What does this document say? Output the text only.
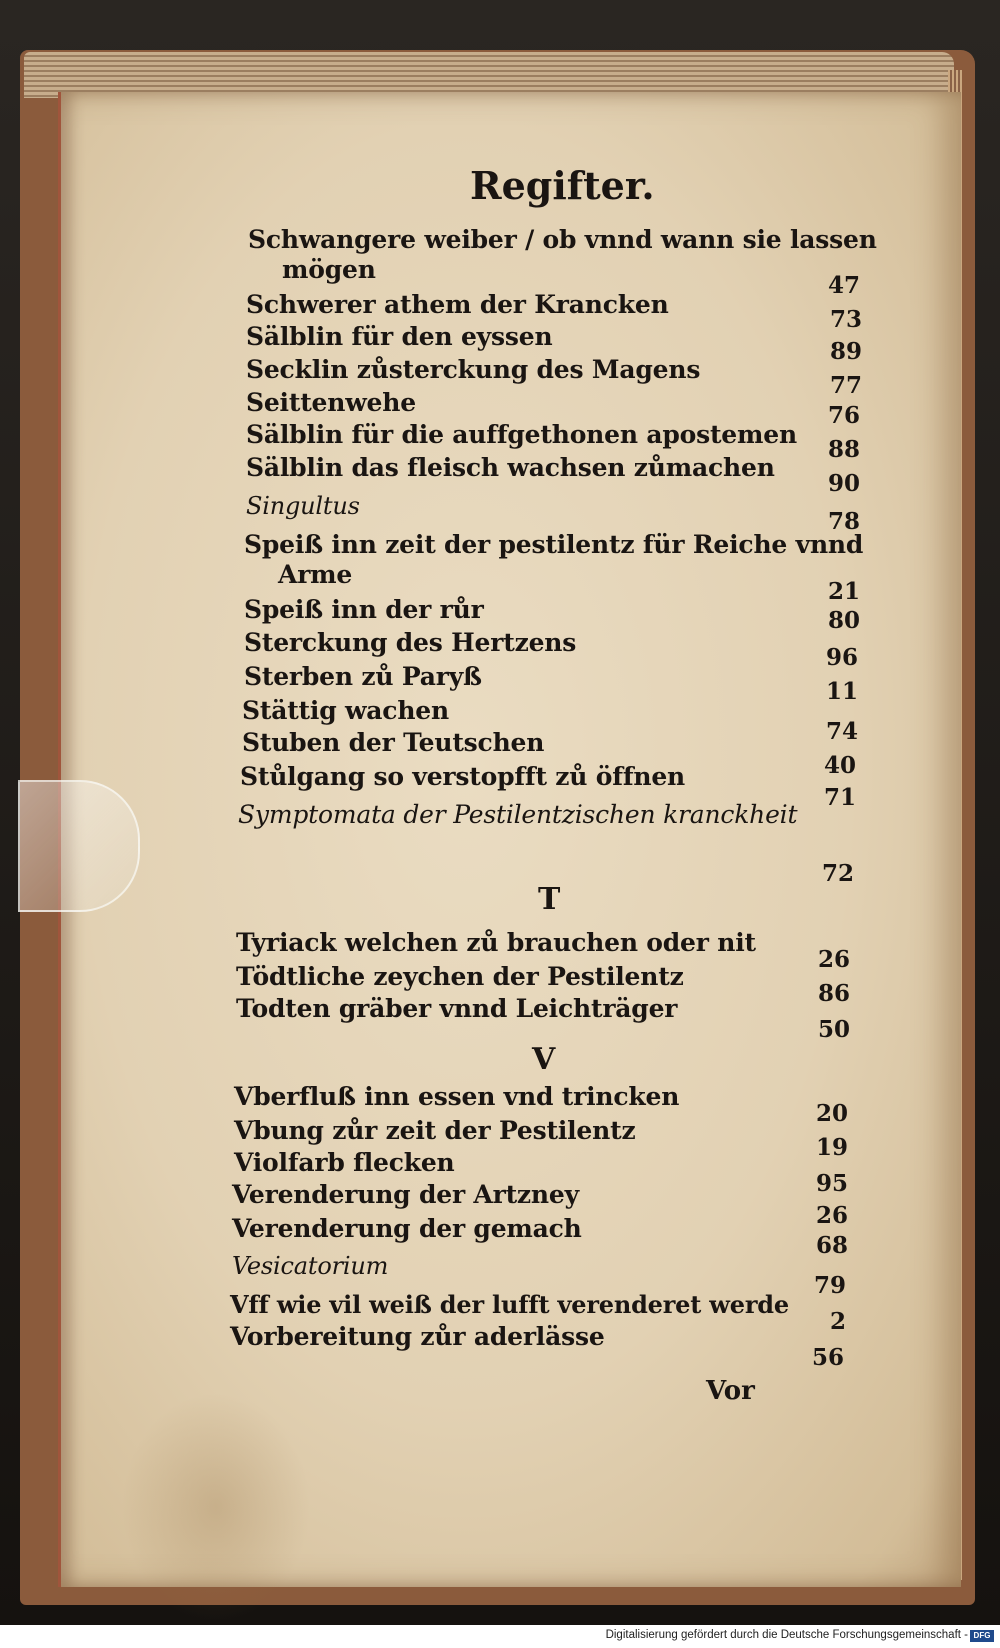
Regifter.
Schwangere weiber / ob vnnd wann sie lassen
mögen
47
Schwerer athem der Krancken
73
Sälblin für den eyssen
89
Secklin zůsterckung des Magens
77
Seittenwehe	76
Sälblin für die auffgethonen apostemen
88
Sälblin das fleisch wachsen zůmachen
90
Singultus
78
Speiß inn zeit der pestilentz für Reiche vnnd
Arme
21
Speiß inn der růr	80
Sterckung des Hertzens
96
Sterben zů Paryß
11
Stättig wachen
74
Stuben der Teutschen
40
Stůlgang so verstopfft zů öffnen
71
Symptomata der Pestilentzischen kranckheit
72
T
Tyriack welchen zů brauchen oder nit
26
Tödtliche zeychen der Pestilentz
86
Todten gräber vnnd Leichträger
50
V
Vberfluß inn essen vnd trincken
20
Vbung zůr zeit der Pestilentz
19
Violfarb flecken
95
Verenderung der Artzney
26
Verenderung der gemach
68
Vesicatorium
79
Vff wie vil weiß der lufft verenderet werde
2
Vorbereitung zůr aderlässe
56
Vor
Digitalisierung gefördert durch die Deutsche Forschungsgemeinschaft - DFG
